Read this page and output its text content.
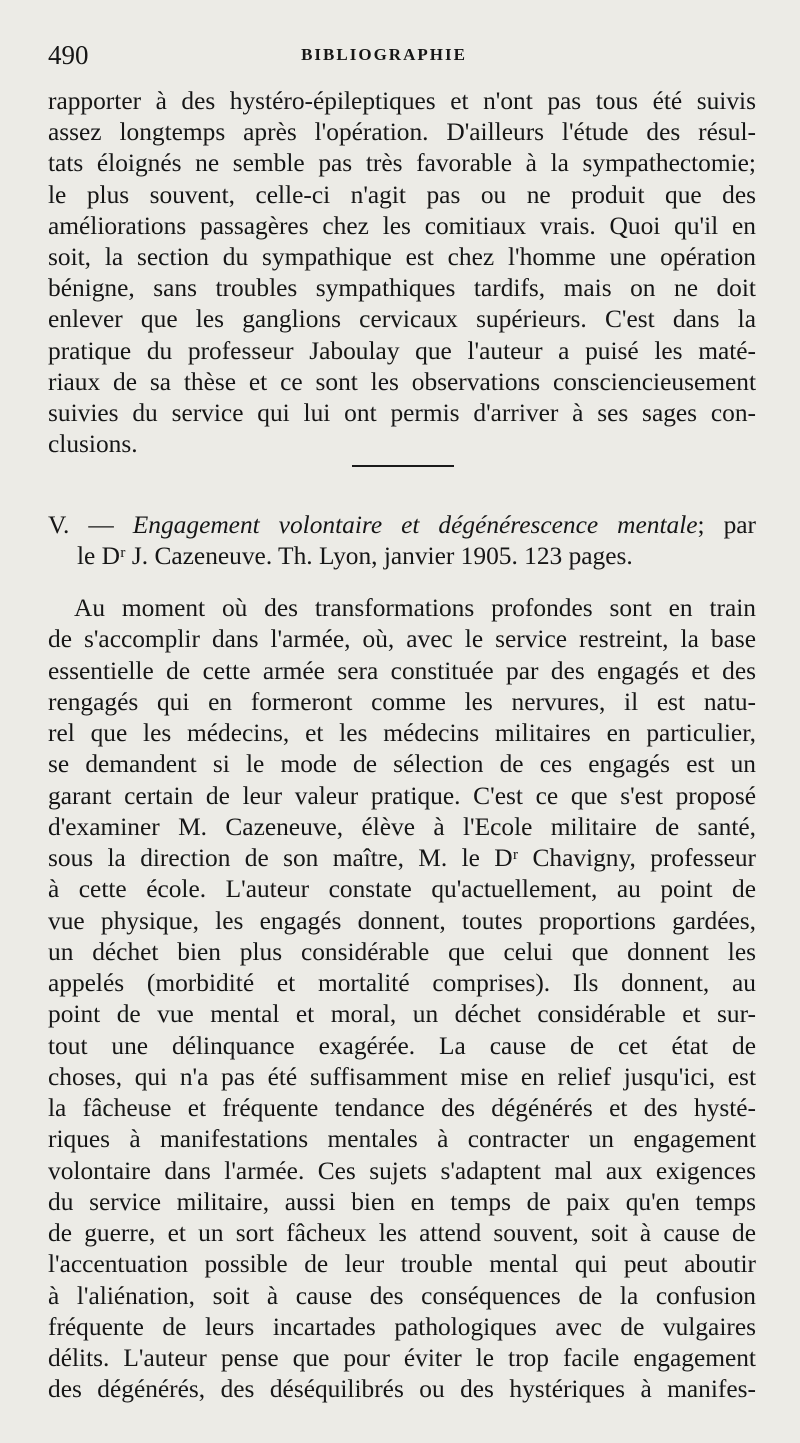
490	BIBLIOGRAPHIE
rapporter à des hystéro-épileptiques et n'ont pas tous été suivis
assez longtemps après l'opération. D'ailleurs l'étude des résul-
tats éloignés ne semble pas très favorable à la sympathectomie;
le plus souvent, celle-ci n'agit pas ou ne produit que des
améliorations passagères chez les comitiaux vrais. Quoi qu'il en
soit, la section du sympathique est chez l'homme une opération
bénigne, sans troubles sympathiques tardifs, mais on ne doit
enlever que les ganglions cervicaux supérieurs. C'est dans la
pratique du professeur Jaboulay que l'auteur a puisé les maté-
riaux de sa thèse et ce sont les observations consciencieusement
suivies du service qui lui ont permis d'arriver à ses sages con-
clusions.
V. — Engagement volontaire et dégénérescence mentale; par
le Dʳ J. Cazeneuve. Th. Lyon, janvier 1905. 123 pages.
Au moment où des transformations profondes sont en train
de s'accomplir dans l'armée, où, avec le service restreint, la base
essentielle de cette armée sera constituée par des engagés et des
rengagés qui en formeront comme les nervures, il est natu-
rel que les médecins, et les médecins militaires en particulier,
se demandent si le mode de sélection de ces engagés est un
garant certain de leur valeur pratique. C'est ce que s'est proposé
d'examiner M. Cazeneuve, élève à l'Ecole militaire de santé,
sous la direction de son maître, M. le Dʳ Chavigny, professeur
à cette école. L'auteur constate qu'actuellement, au point de
vue physique, les engagés donnent, toutes proportions gardées,
un déchet bien plus considérable que celui que donnent les
appelés (morbidité et mortalité comprises). Ils donnent, au
point de vue mental et moral, un déchet considérable et sur-
tout une délinquance exagérée. La cause de cet état de
choses, qui n'a pas été suffisamment mise en relief jusqu'ici, est
la fâcheuse et fréquente tendance des dégénérés et des hysté-
riques à manifestations mentales à contracter un engagement
volontaire dans l'armée. Ces sujets s'adaptent mal aux exigences
du service militaire, aussi bien en temps de paix qu'en temps
de guerre, et un sort fâcheux les attend souvent, soit à cause de
l'accentuation possible de leur trouble mental qui peut aboutir
à l'aliénation, soit à cause des conséquences de la confusion
fréquente de leurs incartades pathologiques avec de vulgaires
délits. L'auteur pense que pour éviter le trop facile engagement
des dégénérés, des déséquilibrés ou des hystériques à manifes-
